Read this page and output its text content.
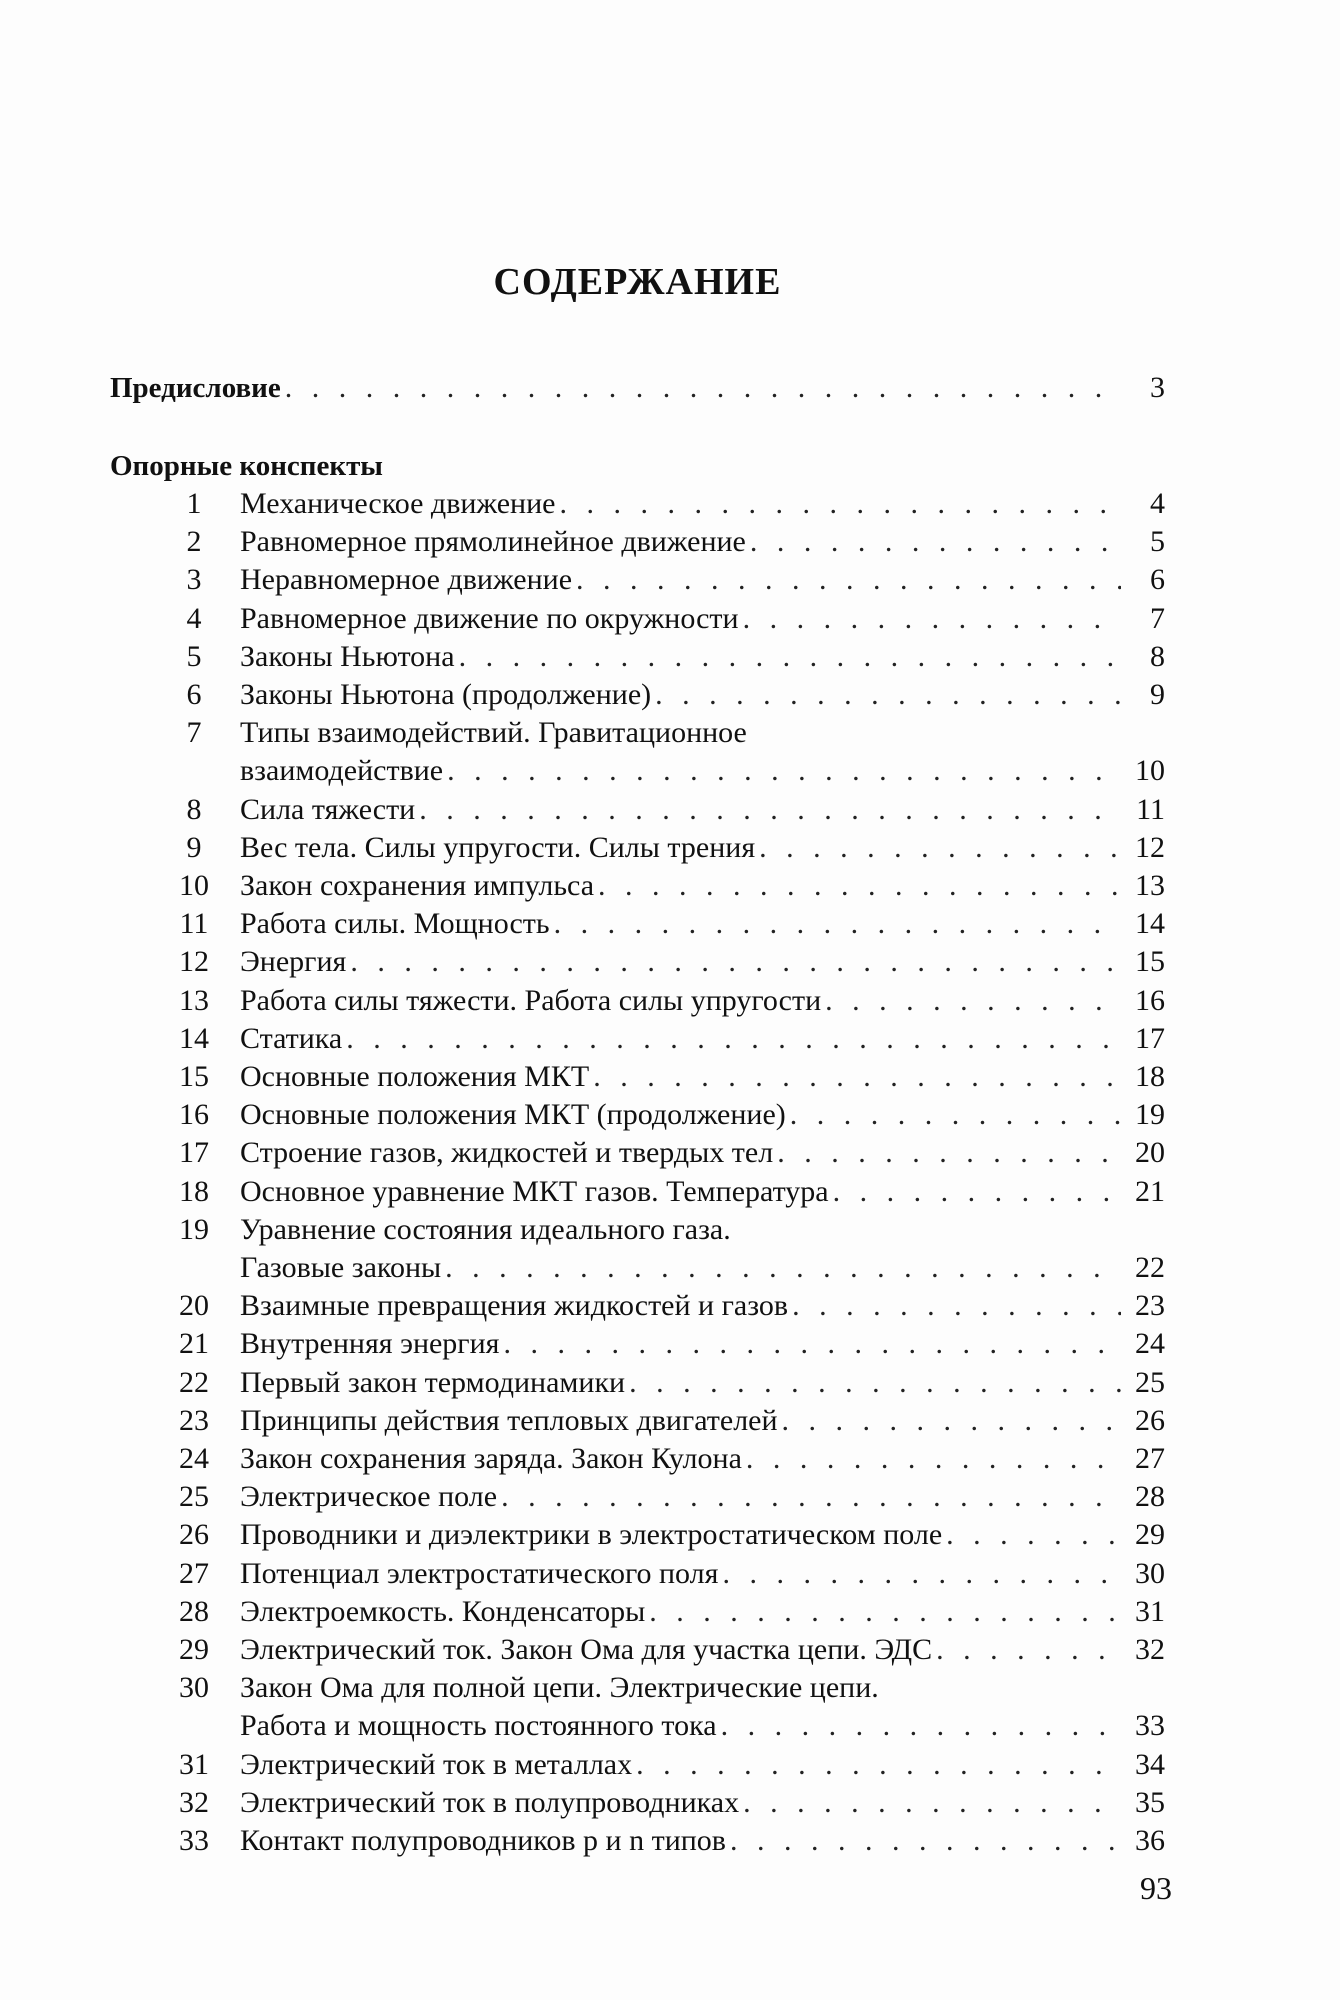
СОДЕРЖАНИЕ
Предисловие . . .	3
Опорные конспекты
1	Механическое движение . . .	4
2	Равномерное прямолинейное движение . . .	5
3	Неравномерное движение . . .	6
4	Равномерное движение по окружности . . .	7
5	Законы Ньютона . . .	8
6	Законы Ньютона (продолжение) . . .	9
7	Типы взаимодействий. Гравитационное
взаимодействие . . .	10
8	Сила тяжести . . .	11
9	Вес тела. Силы упругости. Силы трения . . .	12
10	Закон сохранения импульса . . .	13
11	Работа силы. Мощность . . .	14
12	Энергия . . .	15
13	Работа силы тяжести. Работа силы упругости . . .	16
14	Статика . . .	17
15	Основные положения МКТ . . .	18
16	Основные положения МКТ (продолжение) . . .	19
17	Строение газов, жидкостей и твердых тел . . .	20
18	Основное уравнение МКТ газов. Температура . . .	21
19	Уравнение состояния идеального газа.
Газовые законы . . .	22
20	Взаимные превращения жидкостей и газов . . .	23
21	Внутренняя энергия . . .	24
22	Первый закон термодинамики . . .	25
23	Принципы действия тепловых двигателей . . .	26
24	Закон сохранения заряда. Закон Кулона . . .	27
25	Электрическое поле . . .	28
26	Проводники и диэлектрики в электростатическом поле . . .	29
27	Потенциал электростатического поля . . .	30
28	Электроемкость. Конденсаторы . . .	31
29	Электрический ток. Закон Ома для участка цепи. ЭДС . . .	32
30	Закон Ома для полной цепи. Электрические цепи.
Работа и мощность постоянного тока . . .	33
31	Электрический ток в металлах . . .	34
32	Электрический ток в полупроводниках . . .	35
33	Контакт полупроводников p и n типов . . .	36
93
